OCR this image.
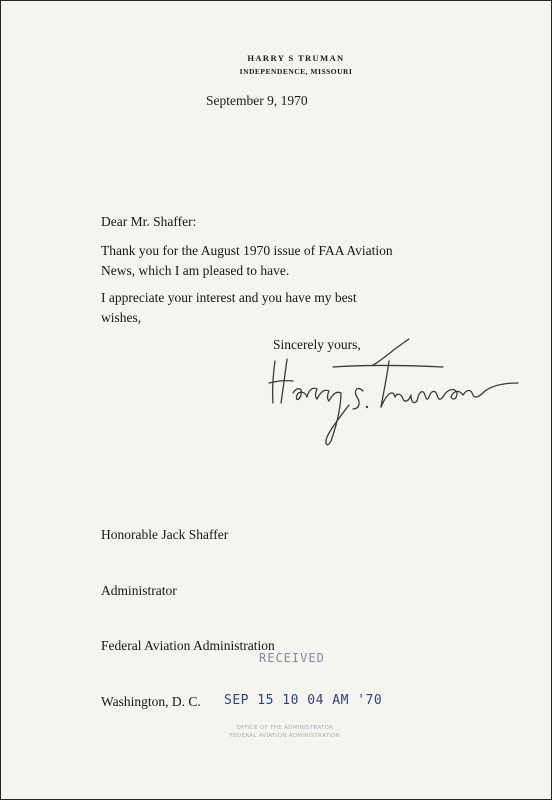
HARRY S TRUMAN
INDEPENDENCE, MISSOURI
September 9, 1970
Dear Mr. Shaffer:
Thank you for the August 1970 issue of FAA Aviation
News, which I am pleased to have.
I appreciate your interest and you have my best
wishes,
Sincerely yours,

Honorable Jack Shaffer

Administrator

Federal Aviation Administration

Washington, D. C.

RECEIVED
SEP 15 10 04 AM '70
OFFICE OF THE ADMINISTRATOR
FEDERAL AVIATION ADMINISTRATION
